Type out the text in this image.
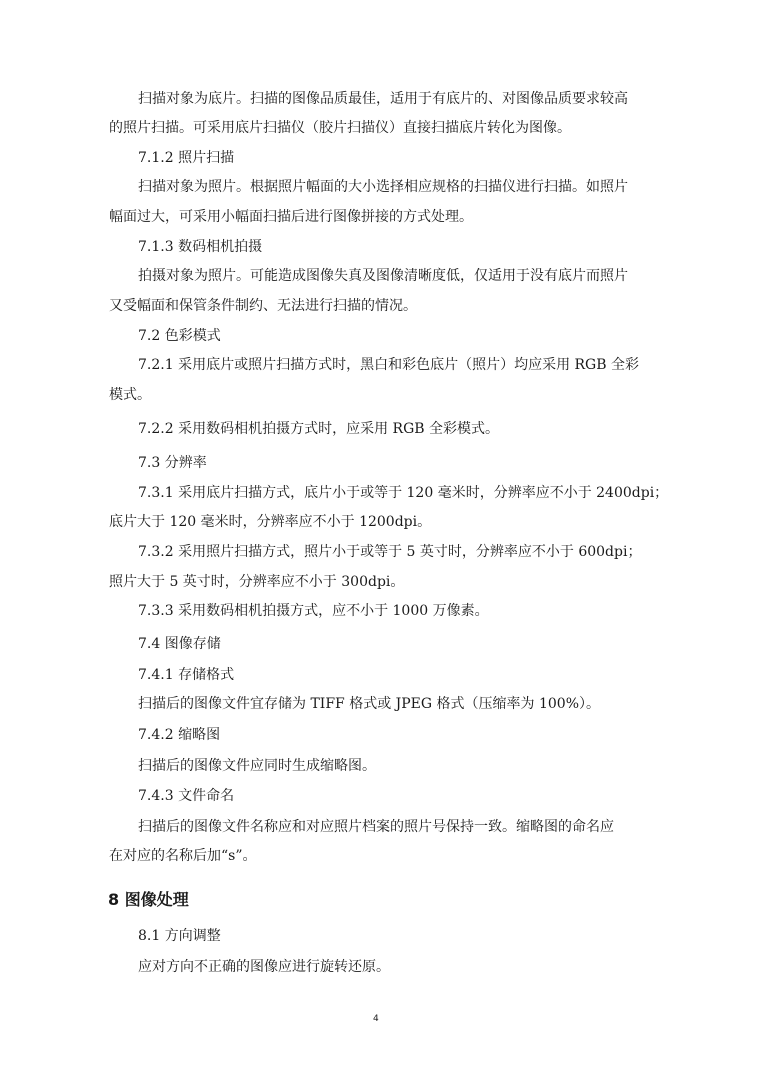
扫描对象为底片。扫描的图像品质最佳，适用于有底片的、对图像品质要求较高
的照片扫描。可采用底片扫描仪（胶片扫描仪）直接扫描底片转化为图像。
7.1.2 照片扫描
扫描对象为照片。根据照片幅面的大小选择相应规格的扫描仪进行扫描。如照片
幅面过大，可采用小幅面扫描后进行图像拼接的方式处理。
7.1.3 数码相机拍摄
拍摄对象为照片。可能造成图像失真及图像清晰度低，仅适用于没有底片而照片
又受幅面和保管条件制约、无法进行扫描的情况。
7.2 色彩模式
7.2.1 采用底片或照片扫描方式时，黑白和彩色底片（照片）均应采用 RGB 全彩
模式。
7.2.2 采用数码相机拍摄方式时，应采用 RGB 全彩模式。
7.3 分辨率
7.3.1 采用底片扫描方式，底片小于或等于 120 毫米时，分辨率应不小于 2400dpi；
底片大于 120 毫米时，分辨率应不小于 1200dpi。
7.3.2 采用照片扫描方式，照片小于或等于 5 英寸时，分辨率应不小于 600dpi；
照片大于 5 英寸时，分辨率应不小于 300dpi。
7.3.3 采用数码相机拍摄方式，应不小于 1000 万像素。
7.4 图像存储
7.4.1 存储格式
扫描后的图像文件宜存储为 TIFF 格式或 JPEG 格式（压缩率为 100%）。
7.4.2 缩略图
扫描后的图像文件应同时生成缩略图。
7.4.3 文件命名
扫描后的图像文件名称应和对应照片档案的照片号保持一致。缩略图的命名应
在对应的名称后加“s”。
8 图像处理
8.1 方向调整
应对方向不正确的图像应进行旋转还原。
4
